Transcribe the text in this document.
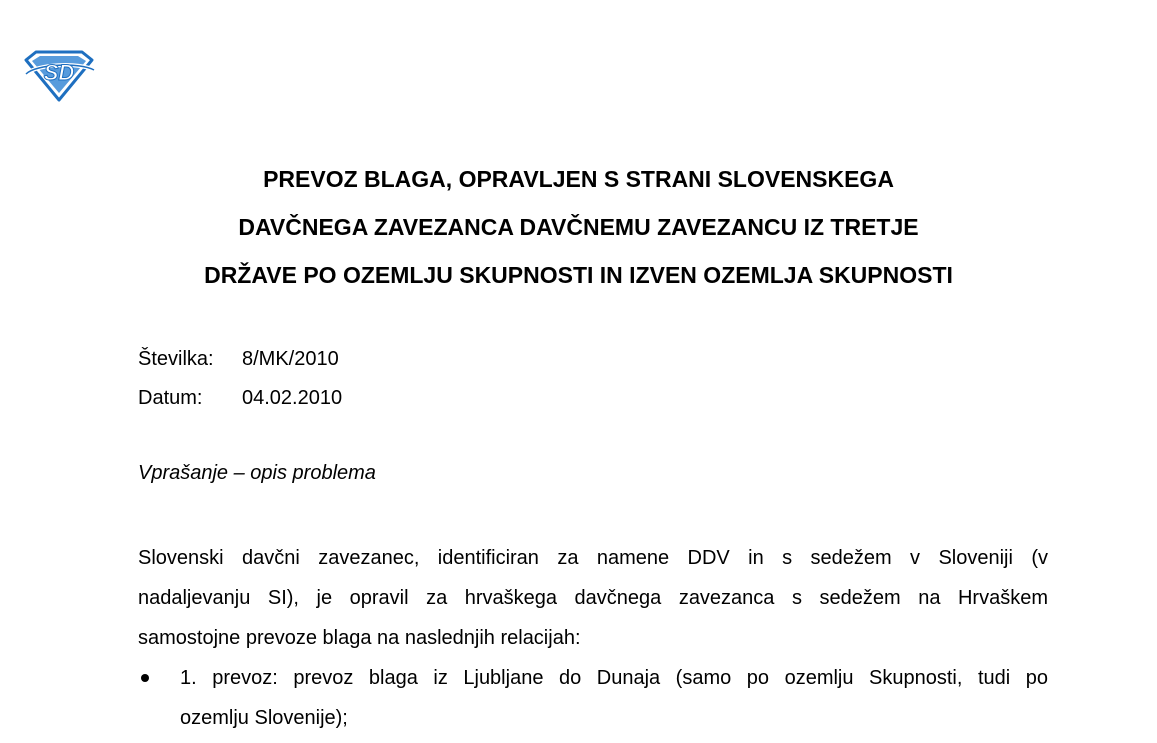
SD
PREVOZ BLAGA, OPRAVLJEN S STRANI SLOVENSKEGA
DAVČNEGA ZAVEZANCA DAVČNEMU ZAVEZANCU IZ TRETJE
DRŽAVE PO OZEMLJU SKUPNOSTI IN IZVEN OZEMLJA SKUPNOSTI
Številka: 8/MK/2010
Datum: 04.02.2010
Vprašanje – opis problema
Slovenski davčni zavezanec, identificiran za namene DDV in s sedežem v Sloveniji (v
nadaljevanju SI), je opravil za hrvaškega davčnega zavezanca s sedežem na Hrvaškem
samostojne prevoze blaga na naslednjih relacijah:
1. prevoz: prevoz blaga iz Ljubljane do Dunaja (samo po ozemlju Skupnosti, tudi po
ozemlju Slovenije);
